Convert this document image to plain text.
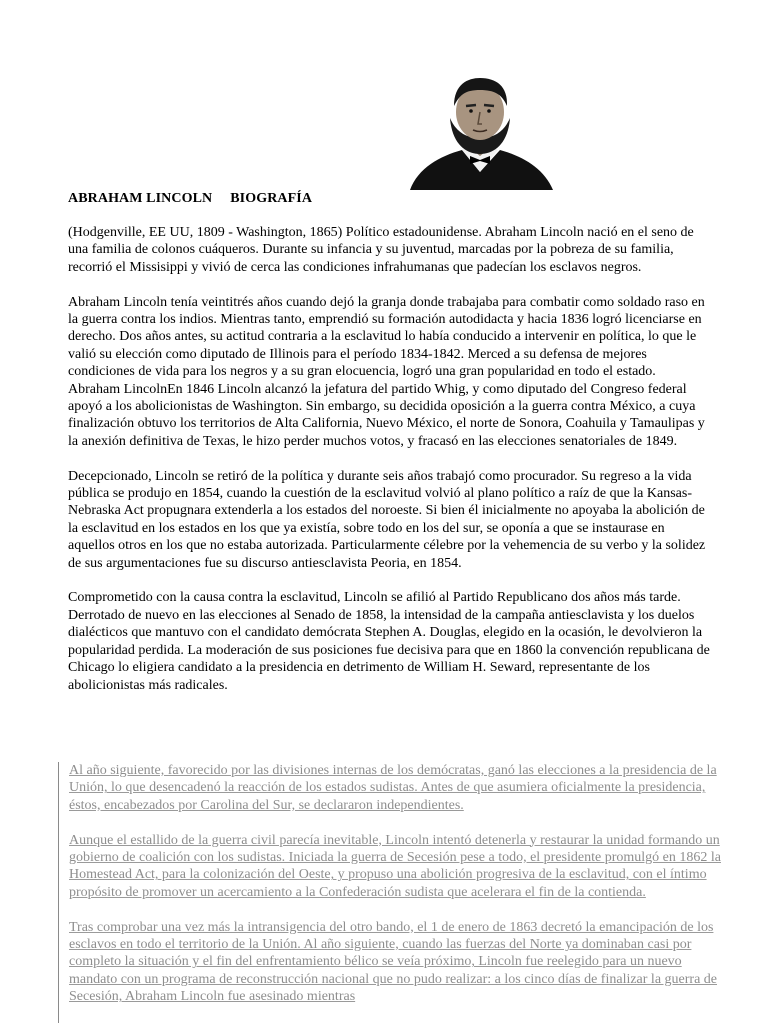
ABRAHAM LINCOLN BIOGRAFÍA

(Hodgenville, EE UU, 1809 - Washington, 1865) Político estadounidense. Abraham Lincoln nació en el seno de una familia de colonos cuáqueros. Durante su infancia y su juventud, marcadas por la pobreza de su familia, recorrió el Missisippi y vivió de cerca las condiciones infrahumanas que padecían los esclavos negros.

Abraham Lincoln tenía veintitrés años cuando dejó la granja donde trabajaba para combatir como soldado raso en la guerra contra los indios. Mientras tanto, emprendió su formación autodidacta y hacia 1836 logró licenciarse en derecho. Dos años antes, su actitud contraria a la esclavitud lo había conducido a intervenir en política, lo que le valió su elección como diputado de Illinois para el período 1834-1842. Merced a su defensa de mejores condiciones de vida para los negros y a su gran elocuencia, logró una gran popularidad en todo el estado.     Abraham LincolnEn 1846 Lincoln alcanzó la jefatura del partido Whig, y como diputado del Congreso federal apoyó a los abolicionistas de Washington. Sin embargo, su decidida oposición a la guerra contra México, a cuya finalización obtuvo los territorios de Alta California, Nuevo México, el norte de Sonora, Coahuila y Tamaulipas y la anexión definitiva de Texas, le hizo perder muchos votos, y fracasó en las elecciones senatoriales de 1849.

Decepcionado, Lincoln se retiró de la política y durante seis años trabajó como procurador. Su regreso a la vida pública se produjo en 1854, cuando la cuestión de la esclavitud volvió al plano político a raíz de que la Kansas-Nebraska Act propugnara extenderla a los estados del noroeste. Si bien él inicialmente no apoyaba la abolición de la esclavitud en los estados en los que ya existía, sobre todo en los del sur, se oponía a que se instaurase en aquellos otros en los que no estaba autorizada. Particularmente célebre por la vehemencia de su verbo y la solidez de sus argumentaciones fue su discurso antiesclavista Peoria, en 1854.

Comprometido con la causa contra la esclavitud, Lincoln se afilió al Partido Republicano dos años más tarde. Derrotado de nuevo en las elecciones al Senado de 1858, la intensidad de la campaña antiesclavista y los duelos dialécticos que mantuvo con el candidato demócrata Stephen A. Douglas, elegido en la ocasión, le devolvieron la popularidad perdida. La moderación de sus posiciones fue decisiva para que en 1860 la convención republicana de Chicago lo eligiera candidato a la presidencia en detrimento de William H. Seward, representante de los abolicionistas más radicales.

Al año siguiente, favorecido por las divisiones internas de los demócratas, ganó las elecciones a la presidencia de la Unión, lo que desencadenó la reacción de los estados sudistas. Antes de que asumiera oficialmente la presidencia, éstos, encabezados por Carolina del Sur, se declararon independientes.

Aunque el estallido de la guerra civil parecía inevitable, Lincoln intentó detenerla y restaurar la unidad formando un gobierno de coalición con los sudistas. Iniciada la guerra de Secesión pese a todo, el presidente promulgó en 1862 la Homestead Act, para la colonización del Oeste, y propuso una abolición progresiva de la esclavitud, con el íntimo propósito de promover un acercamiento a la Confederación sudista que acelerara el fin de la contienda.

Tras comprobar una vez más la intransigencia del otro bando, el 1 de enero de 1863 decretó la emancipación de los esclavos en todo el territorio de la Unión. Al año siguiente, cuando las fuerzas del Norte ya dominaban casi por completo la situación y el fin del enfrentamiento bélico se veía próximo, Lincoln fue reelegido para un nuevo mandato con un programa de reconstrucción nacional que no pudo realizar: a los cinco días de finalizar la guerra de Secesión, Abraham Lincoln fue asesinado mientras
